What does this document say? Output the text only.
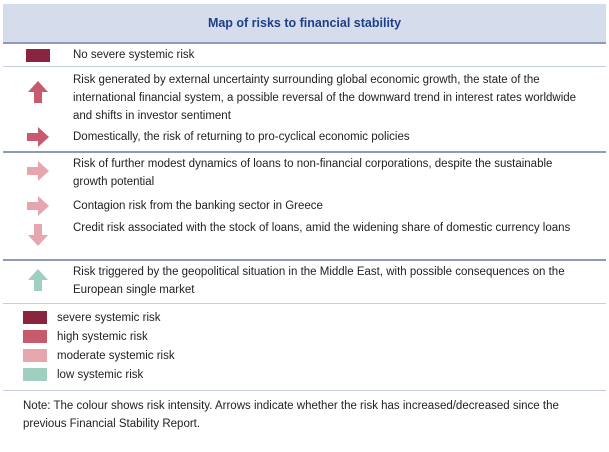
Map of risks to financial stability
No severe systemic risk
Risk generated by external uncertainty surrounding global economic growth, the state of the international financial system, a possible reversal of the downward trend in interest rates worldwide and shifts in investor sentiment
Domestically, the risk of returning to pro-cyclical economic policies
Risk of further modest dynamics of loans to non-financial corporations, despite the sustainable growth potential
Contagion risk from the banking sector in Greece
Credit risk associated with the stock of loans, amid the widening share of domestic currency loans
Risk triggered by the geopolitical situation in the Middle East, with possible consequences on the European single market
severe systemic risk
high systemic risk
moderate systemic risk
low systemic risk
Note: The colour shows risk intensity. Arrows indicate whether the risk has increased/decreased since the previous Financial Stability Report.
